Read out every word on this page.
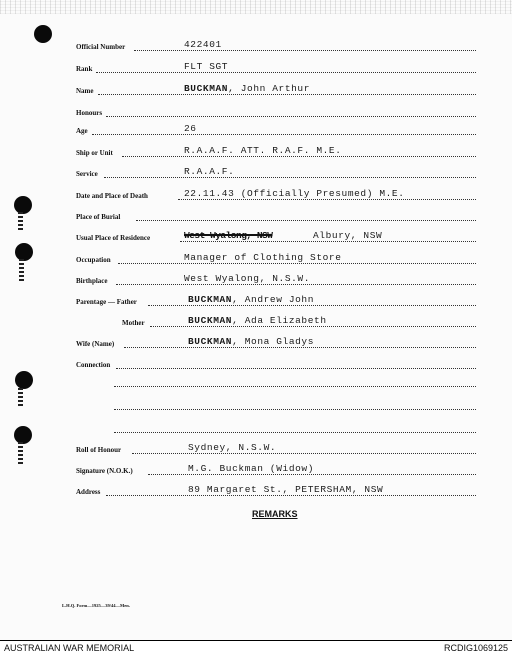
Official Number	422401
Rank	FLT SGT
Name	BUCKMAN, John Arthur
Honours
Age	26
Ship or Unit	R.A.A.F. ATT. R.A.F. M.E.
Service	R.A.A.F.
Date and Place of Death	22.11.43 (Officially Presumed) M.E.
Place of Burial
Usual Place of Residence	West Wyalong, NSW	Albury, NSW
Occupation	Manager of Clothing Store
Birthplace	West Wyalong, N.S.W.
Parentage — Father	BUCKMAN, Andrew John
Mother	BUCKMAN, Ada Elizabeth
Wife (Name)	BUCKMAN, Mona Gladys
Connection
Roll of Honour	Sydney, N.S.W.
Signature (N.O.K.)	M.G. Buckman (Widow)
Address	89 Margaret St., PETERSHAM, NSW
REMARKS
L.H.Q. Form—1925—39/44—Men.
AUSTRALIAN WAR MEMORIAL	RCDIG1069125
